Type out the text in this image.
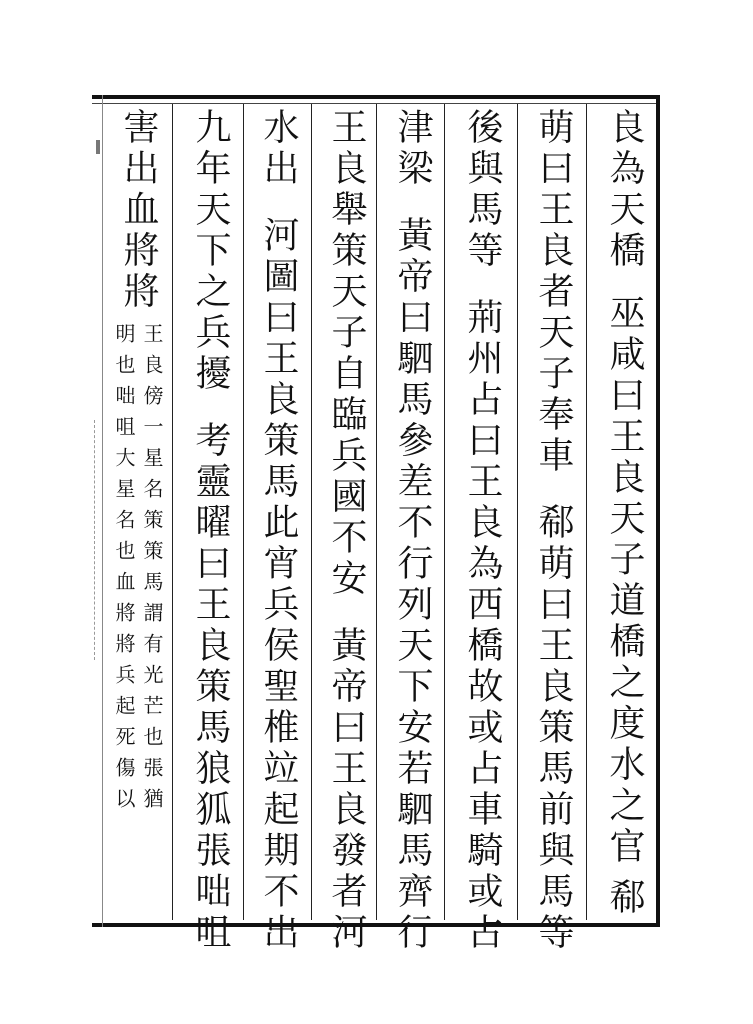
良為天橋
巫咸曰王良天子道橋之度水之官
郗
萌曰王良者天子奉車
郗萌曰王良策馬前與馬等
後與馬等
荊州占曰王良為西橋故或占車騎或占
津梁
黃帝曰駟馬參差不行列天下安若駟馬齊行
王良舉策天子自臨兵國不安
黃帝曰王良發者河
水出
河圖曰王良策馬此宵兵侯聖椎竝起期不出
九年天下之兵擾
考靈曜曰王良策馬狼狐張咄咀
害出血將將
王良傍一星名策策馬謂有光芒也張猶
明也咄咀大星名也血將將兵起死傷以
